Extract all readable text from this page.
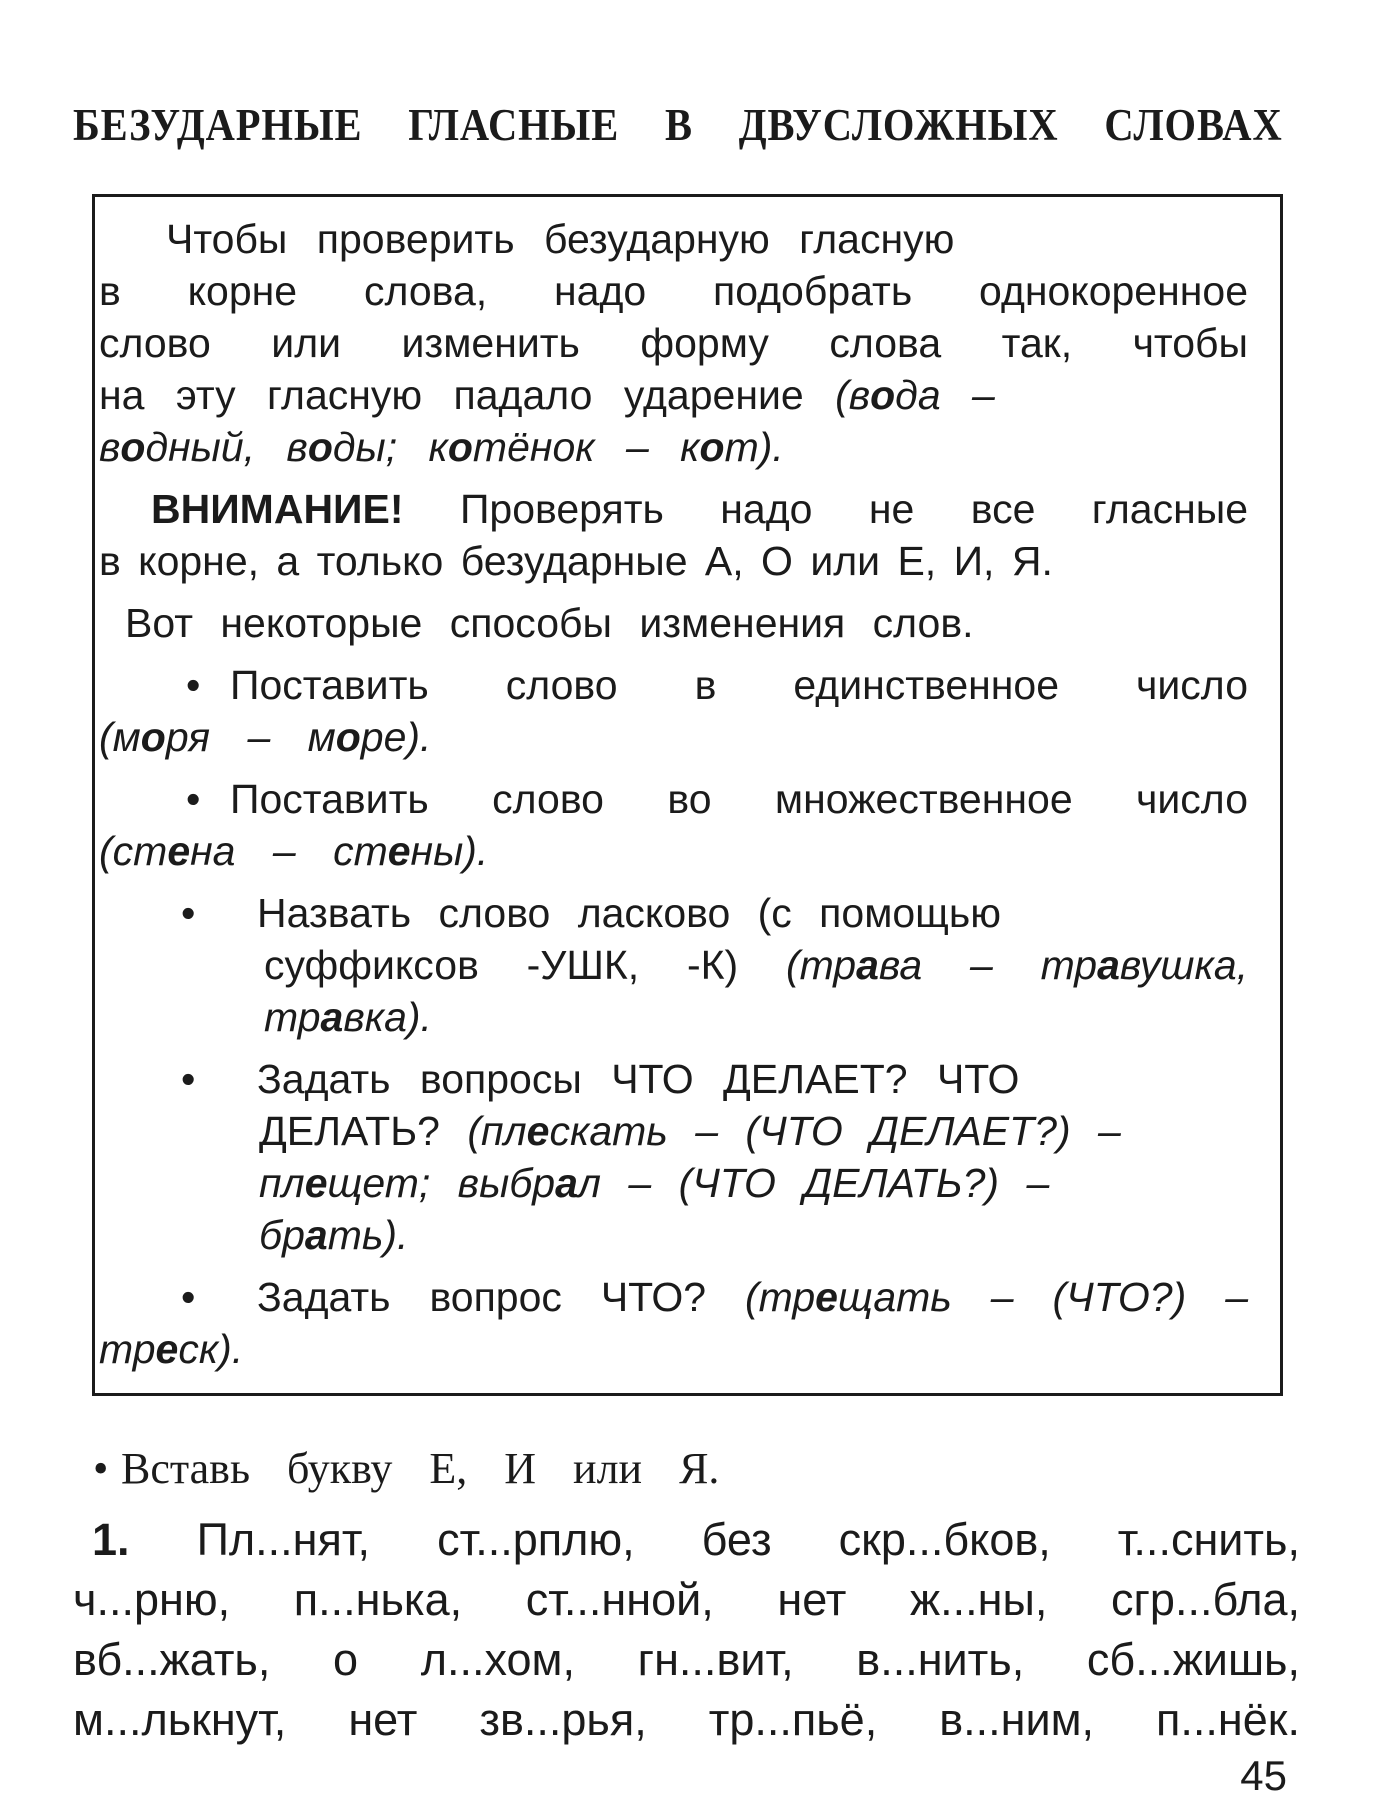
БЕЗУДАРНЫЕ ГЛАСНЫЕ В ДВУСЛОЖНЫХ СЛОВАХ
Чтобы проверить безударную гласную
в корне слова, надо подобрать однокоренное
слово или изменить форму слова так, чтобы
на эту гласную падало ударение (вода –
водный, воды; котёнок – кот).
ВНИМАНИЕ! Проверять надо не все гласные
в корне, а только безударные А, О или Е, И, Я.
Вот некоторые способы изменения слов.
• Поставить слово в единственное число
(моря – море).
• Поставить слово во множественное число
(стена – стены).
• Назвать слово ласково (с помощью
суффиксов -УШК, -К) (трава – травушка,
травка).
• Задать вопросы ЧТО ДЕЛАЕТ? ЧТО
ДЕЛАТЬ? (плескать – (ЧТО ДЕЛАЕТ?) –
плещет; выбрал – (ЧТО ДЕЛАТЬ?) –
брать).
• Задать вопрос ЧТО? (трещать – (ЧТО?) –
треск).
• Вставь букву Е, И или Я.
1. Пл...нят, ст...рплю, без скр...бков, т...снить,
ч...рню, п...нька, ст...нной, нет ж...ны, сгр...бла,
вб...жать, о л...хом, гн...вит, в...нить, сб...жишь,
м...лькнут, нет зв...рья, тр...пьё, в...ним, п...нёк.
45
